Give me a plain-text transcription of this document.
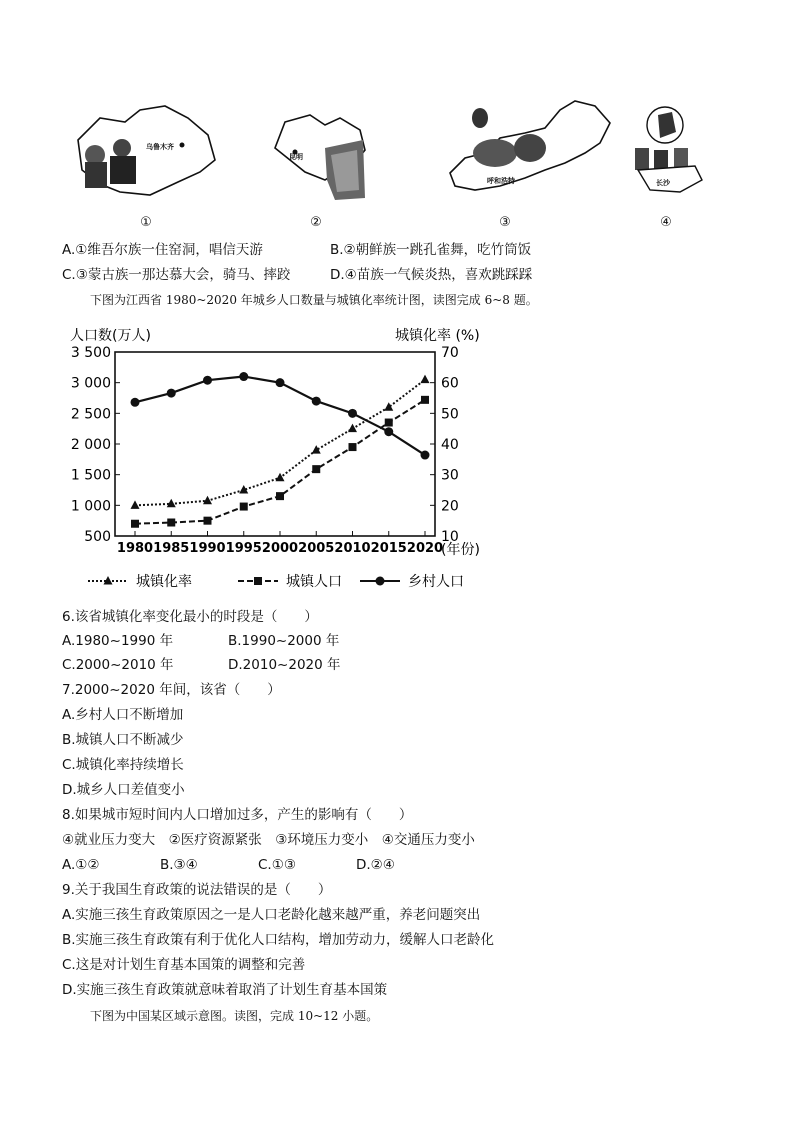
乌鲁木齐
昆明
呼和浩特	长沙
①	②	③	④
A.①维吾尔族一住窑洞，唱信天游	B.②朝鲜族一跳孔雀舞，吃竹筒饭
C.③蒙古族一那达慕大会，骑马、摔跤	D.④苗族一气候炎热，喜欢跳踩踩
下图为江西省 1980~2020 年城乡人口数量与城镇化率统计图，读图完成 6~8 题。
人口数(万人)	城镇化率 (%)
3 500
3 000
2 500
2 000
1 500
1 000
500
70
60
50
40
30
20
10
1980 1985 1990 1995 2000 2005 2010 2015 2020
(年份)
城镇化率	城镇人口	乡村人口
6.该省城镇化率变化最小的时段是（　　）
A.1980~1990 年	B.1990~2000 年
C.2000~2010 年	D.2010~2020 年
7.2000~2020 年间，该省（　　）
A.乡村人口不断增加
B.城镇人口不断减少
C.城镇化率持续增长
D.城乡人口差值变小
8.如果城市短时间内人口增加过多，产生的影响有（　　）
④就业压力变大　②医疗资源紧张　③环境压力变小　④交通压力变小
A.①②	B.③④	C.①③	D.②④
9.关于我国生育政策的说法错误的是（　　）
A.实施三孩生育政策原因之一是人口老龄化越来越严重，养老问题突出
B.实施三孩生育政策有利于优化人口结构，增加劳动力，缓解人口老龄化
C.这是对计划生育基本国策的调整和完善
D.实施三孩生育政策就意味着取消了计划生育基本国策
下图为中国某区域示意图。读图，完成 10~12 小题。
